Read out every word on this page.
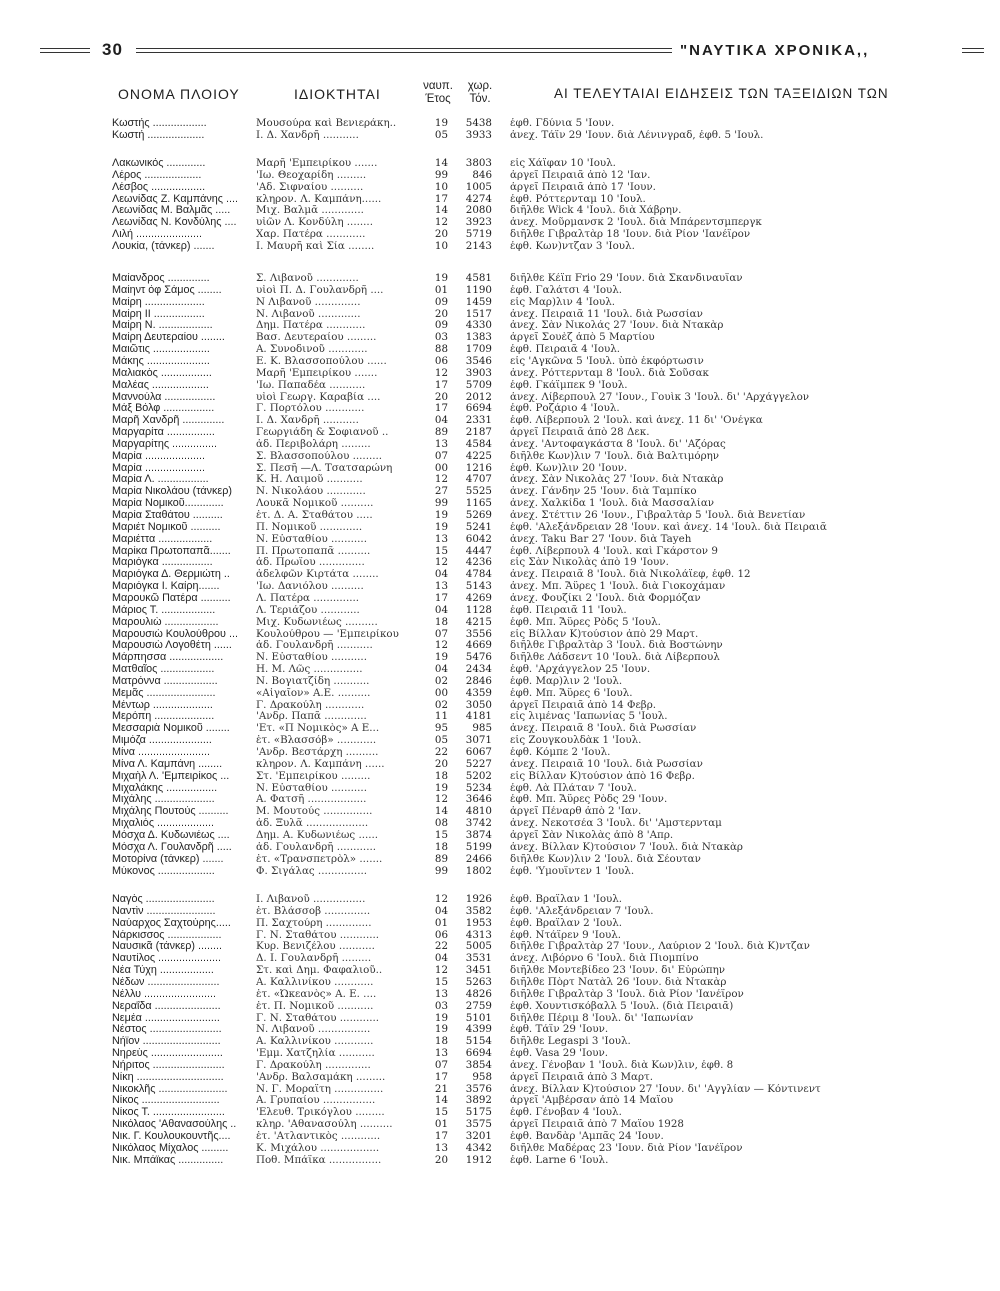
30	"ΝΑΥΤΙΚΑ ΧΡΟΝΙΚΑ,,
ΟΝΟΜΑ ΠΛΟΙΟΥ	ΙΔΙΟΚΤΗΤΑΙ	ναυπ.
Έτος
χωρ.
Τόν.	ΑΙ ΤΕΛΕΥΤΑΙΑΙ ΕΙΔΗΣΕΙΣ ΤΩΝ ΤΑΞΕΙΔΙΩΝ ΤΩΝ
Κωστής ..................	Μουσούρα καὶ Βενιεράκη..	19	5438 ἐφθ. Γδύνια 5 'Ιουν.
Κωστή ...................	Ι. Δ. Χανδρῆ ...........	05	3933 ἀνεχ. Τάϊν 29 'Ιουν. διὰ Λένινγραδ, ἐφθ. 5 'Ιουλ.
Λακωνικός .............	Μαρῆ 'Εμπειρίκου .......	14	3803 εἰς Χάϊφαν 10 'Ιουλ.
Λέρος ...................	'Ιω. Θεοχαρίδη .........	99	846 ἀργεῖ Πειραιᾶ ἀπὸ 12 'Ιαν.
Λέσβος ..................	'Αδ. Σιφναίου ..........	10	1005 ἀργεῖ Πειραιᾶ ἀπὸ 17 'Ιουν.
Λεωνίδας Ζ. Καμπάνης ....	κληρον. Λ. Καμπάνη......	17	4274 ἐφθ. Ρόττερνταμ 10 'Ιουλ.
Λεωνίδας Μ. Βαλμᾶς .....	Μιχ. Βαλμᾶ .............	14	2080 διῆλθε Wick 4 'Ιουλ. διὰ Χάβρην.
Λεωνίδας Ν. Κονδύλης ....	υἱῶν Λ. Κονδύλη ........	12	3923 ἀνεχ. Μοῦρμανσκ 2 'Ιουλ. διὰ Μπάρεντσμπεργκ
Λιλή ......................	Χαρ. Πατέρα ............	20	5719 διῆλθε Γιβραλτὰρ 18 'Ιουν. διὰ Ρίον 'Ιανέϊρον
Λουκία, (τάνκερ) .......	Ι. Μαυρῆ καὶ Σία ........	10	2143 ἐφθ. Κων)ντζαν 3 'Ιουλ.
Μαίανδρος ..............	Σ. Λιβανοῦ .............	19	4581 διῆλθε Κέϊπ Frio 29 'Ιουν. διὰ Σκανδιναυΐαν
Μαίηντ όφ Σάμος ........	υἱοὶ Π. Δ. Γουλανδρῆ ....	01	1190 ἐφθ. Γαλάτσι 4 'Ιουλ.
Μαίρη ....................	Ν Λιβανοῦ ..............	09	1459 εἰς Μαρ)λιν 4 'Ιουλ.
Μαίρη ΙΙ .................	Ν. Λιβανοῦ .............	20	1517 ἀνεχ. Πειραιᾶ 11 'Ιουλ. διὰ Ρωσσίαν
Μαίρη Ν. ..................	Δημ. Πατέρα ............	09	4330 ἀνεχ. Σὰν Νικολάς 27 'Ιουν. διὰ Ντακὰρ
Μαίρη Δευτεραίου ........	Βασ. Δευτεραίου .........	03	1383 ἀργεῖ Σουὲζ ἀπὸ 5 Μαρτίου
Μαιῶτις ...................	Α. Συνοδινοῦ ............	88	1709 ἐφθ. Πειραιᾶ 4 'Ιουλ.
Μάκης .....................	Ε. Κ. Βλασσοπούλου ......	06	3546 εἰς 'Αγκῶνα 5 'Ιουλ. ὑπὸ ἐκφόρτωσιν
Μαλιακὸς .................	Μαρῆ 'Εμπειρίκου .......	12	3903 ἀνεχ. Ρόττερνταμ 8 'Ιουλ. διὰ Σοῦσακ
Μαλέας ...................	'Ιω. Παπαδέα ...........	17	5709 ἐφθ. Γκάϊμπεκ 9 'Ιουλ.
Μαννούλα .................	υἱοὶ Γεωργ. Καραβία ....	20	2012 ἀνεχ. Λίβερπουλ 27 'Ιουν., Γουὶκ 3 'Ιουλ. δι' 'Αρχάγγελον
Μάξ Βόλφ .................	Γ. Πορτόλου ............	17	6694 ἐφθ. Ροζάριο 4 'Ιουλ.
Μαρῆ Χανδρῆ ..............	Ι. Δ. Χανδρῆ ...........	04	2331 ἐφθ. Λίβερπουλ 2 'Ιουλ. καὶ ἀνεχ. 11 δι' 'Ονέγκα
Μαργαρίτα ................	Γεωργιάδη & Σοφιανοῦ ..	89	2187 ἀργεῖ Πειραιᾶ ἀπὸ 28 Δεκ.
Μαργαρίτης ...............	ἀδ. Περιβολάρη .........	13	4584 ἀνεχ. 'Αντοφαγκάστα 8 'Ιουλ. δι' 'Αζόρας
Μαρία ....................	Σ. Βλασσοπούλου .........	07	4225 διῆλθε Κων)λιν 7 'Ιουλ. διὰ Βαλτιμόρην
Μαρία ....................	Σ. Πεσῆ —Λ. Τσατσαρώνη	00	1216 ἐφθ. Κων)λιν 20 'Ιουν.
Μαρία Λ. .................	Κ. Η. Λαιμοῦ ...........	12	4707 ἀνεχ. Σὰν Νικολὰς 27 'Ιουν. διὰ Ντακὰρ
Μαρία Νικολάου (τάνκερ)	Ν. Νικολάου ............	27	5525 ἀνεχ. Γάνδην 25 'Ιουν. διὰ Ταμπίκο
Μαρία Νομικοῦ.............	Λουκᾶ Νομικοῦ ..........	99	1165 ἀνεχ. Χαλκίδα 1 'Ιουλ. διὰ Μασσαλίαν
Μαρία Σταθάτου ..........	ἑτ. Δ. Α. Σταθάτου .....	19	5269 ἀνεχ. Στέττιν 26 'Ιουν., Γιβραλτὰρ 5 'Ιουλ. διὰ Βενετίαν
Μαριέτ Νομικοῦ ..........	Π. Νομικοῦ .............	19	5241 ἐφθ. 'Αλεξάνδρειαν 28 'Ιουν. καὶ ἀνεχ. 14 'Ιουλ. διὰ Πειραιᾶ
Μαριέττα ..................	Ν. Εὐσταθίου ...........	13	6042 ἀνεχ. Taku Bar 27 'Ιουν. διὰ Tayeh
Μαρίκα Πρωτοπαπᾶ.......	Π. Πρωτοπαπᾶ ..........	15	4447 ἐφθ. Λίβερπουλ 4 'Ιουλ. καὶ Γκάρστον 9
Μαριόγκα .................	ἀδ. Πρωΐου ..............	12	4236 εἰς Σὰν Νικολὰς ἀπὸ 19 'Ιουν.
Μαριόγκα Δ. Θερμιώτη ..	ἀδελφῶν Κιρτάτα ........	04	4784 ἀνεχ. Πειραιᾶ 8 'Ιουλ. διὰ Νικολάϊεφ, ἐφθ. 12
Μαριόγκα Ι. Καίρη.......	'Ιω. Δανιόλου ..........	13	5143 ἀνεχ. Μπ. Ἄϋρες 1 'Ιουλ. διὰ Γιοκοχάμαν
Μαρουκῶ Πατέρα ..........	Λ. Πατέρα ..............	17	4269 ἀνεχ. Φουζίκι 2 'Ιουλ. διὰ Φορμόζαν
Μάριος Τ. ..................	Λ. Τεριάζου ............	04	1128 ἐφθ. Πειραιᾶ 11 'Ιουλ.
Μαρουλιὼ ..................	Μιχ. Κυδωνιέως ..........	18	4215 ἐφθ. Μπ. Ἄϋρες Ρὸδς 5 'Ιουλ.
Μαρουσιὼ Κουλούθρου ...	Κουλούθρου — 'Εμπειρίκου	07	3556 εἰς Βίλλαν Κ)τούσιον ἀπὸ 29 Μαρτ.
Μαρουσιὼ Λογοθέτη ......	ἀδ. Γουλανδρῆ ...........	12	4669 διῆλθε Γιβραλτὰρ 3 'Ιουλ. διὰ Βοστώνην
Μάρπησσα ..................	Ν. Εὐσταθίου ...........	19	5476 διῆλθε Λάδσεντ 10 'Ιουλ. διὰ Λίβερπουλ
Ματθαῖος ..................	Η. Μ. Λῶς ...............	04	2434 ἐφθ. 'Αρχάγγελον 25 'Ιουν.
Ματρόννα ..................	Ν. Βογιατζίδη ...........	02	2846 ἐφθ. Μαρ)λιν 2 'Ιουλ.
Μεμᾶς .......................	«Αἰγαῖον» Α.Ε. ..........	00	4359 ἐφθ. Μπ. Ἄϋρες 6 'Ιουλ.
Μέντωρ ....................	Γ. Δρακούλη ............	02	3050 ἀργεῖ Πειραιᾶ ἀπὸ 14 Φεβρ.
Μερόπη ....................	'Ανδρ. Παπᾶ .............	11	4181 εἰς λιμένας 'Ιαπωνίας 5 'Ιουλ.
Μεσσαριὰ Νομικοῦ ........	'Ετ. «Π Νομικὸς» Α Ε...	95	985 ἀνεχ. Πειραιᾶ 8 'Ιουλ. διὰ Ρωσσίαν
Μιμόζα .....................	ἑτ. «Βλασσόβ» ............	05	3071 εἰς Ζουγκουλδὰκ 1 'Ιουλ.
Μίνα ........................	'Ανδρ. Βεστάρχη ..........	22	6067 ἐφθ. Κόμπε 2 'Ιουλ.
Μίνα Λ. Καμπάνη ........	κληρον. Λ. Καμπάνη ......	20	5227 ἀνεχ. Πειραιᾶ 10 'Ιουλ. διὰ Ρωσσίαν
Μιχαὴλ Λ. 'Εμπειρίκος ...	Στ. 'Εμπειρίκου .........	18	5202 εἰς Βίλλαν Κ)τούσιον ἀπὸ 16 Φεβρ.
Μιχαλάκης .................	Ν. Εὐσταθίου ...........	19	5234 ἐφθ. Λὰ Πλάταν 7 'Ιουλ.
Μιχάλης ....................	Α. Φατσῆ ..................	12	3646 ἐφθ. Μπ. Ἄϋρες Ρὸδς 29 'Ιουν.
Μιχάλης Πουτούς ..........	Μ. Μουτούς ...............	14	4810 ἀργεῖ Πέναρθ ἀπὸ 2 'Ιαν.
Μιχαλιός ...................	ἀδ. Ξυλᾶ ...................	08	3742 ἀνεχ. Νεκοτσέα 3 'Ιουλ. δι' 'Αμστερνταμ
Μόσχα Δ. Κυδωνιέως ....	Δημ. Α. Κυδωνιέως ......	15	3874 ἀργεῖ Σὰν Νικολὰς ἀπὸ 8 'Απρ.
Μόσχα Λ. Γουλανδρῆ .....	ἀδ. Γουλανδρῆ ............	18	5199 ἀνεχ. Βίλλαν Κ)τούσιον 7 'Ιουλ. διὰ Ντακὰρ
Μοτορίνα (τάνκερ) .......	ἑτ. «Τρανσπετρὸλ» .......	89	2466 διῆλθε Κων)λιν 2 'Ιουλ. διὰ Σέουταν
Μύκονος ...................	Φ. Σιγάλας ...............	99	1802 ἐφθ. 'Υμουϊντεν 1 'Ιουλ.
Ναγὸς .......................	Ι. Λιβανοῦ ................	12	1926 ἐφθ. Βραΐλαν 1 'Ιουλ.
Ναντὶν .......................	ἑτ. Βλάσσοβ ..............	04	3582 ἐφθ. 'Αλεξάνδρειαν 7 'Ιουλ.
Ναύαρχος Σαχτούρης.....	Π. Σαχτούρη ..............	01	1953 ἐφθ. Βραΐλαν 2 'Ιουλ.
Νάρκισσος ..................	Γ. Ν. Σταθάτου ............	06	4313 ἐφθ. Ντάϊρεν 9 'Ιουλ.
Ναυσικᾶ (τάνκερ) ........	Κυρ. Βενιζέλου ...........	22	5005 διῆλθε Γιβραλτὰρ 27 'Ιουν., Λαύριον 2 'Ιουλ. διὰ Κ)ντζαν
Ναυτίλος .....................	Δ. Ι. Γουλανδρῆ .........	04	3531 ἀνεχ. Λιβόρνο 6 'Ιουλ. διὰ Πιομπίνο
Νέα Τύχη ..................	Στ. καὶ Δημ. Φαφαλιοῦ..	12	3451 διῆλθε Μοντεβίδεο 23 'Ιουν. δι' Εὐρώπην
Νέδων ........................	Α. Καλλινίκου ............	15	5263 διῆλθε Πὸρτ Νατὰλ 26 'Ιουν. διὰ Ντακὰρ
Νέλλυ ........................	ἑτ. «Ὠκεανὸς» Α. Ε. ....	13	4826 διῆλθε Γιβραλτὰρ 3 'Ιουλ. διὰ Ρίον 'Ιανέϊρον
Νεραΐδα ......................	ἑτ. Π. Νομικοῦ ...........	03	2759 ἐφθ. Χουντισκόβαλλ 5 'Ιουλ. (διὰ Πειραιᾶ)
Νεμέα .........................	Γ. Ν. Σταθάτου ............	19	5101 διῆλθε Πέριμ 8 'Ιουλ. δι' 'Ιαπωνίαν
Νέστος ........................	Ν. Λιβανοῦ ................	19	4399 ἐφθ. Τάϊν 29 'Ιουν.
Νήϊον ..........................	Α. Καλλινίκου ............	18	5154 διῆλθε Legaspi 3 'Ιουλ.
Νηρεὺς ........................	'Εμμ. Χατζηλία ...........	13	6694 ἐφθ. Vasa 29 'Ιουν.
Νήριτος ........................	Γ. Δρακούλη ..............	07	3854 ἀνεχ. Γένοβαν 1 'Ιουλ. διὰ Κων)λιν, ἐφθ. 8
Νίκη .............................	'Ανδρ. Βαλσαμάκη .........	17	958 ἀργεῖ Πειραιᾶ ἀπὸ 3 Μαρτ.
Νικοκλῆς .......................	Ν. Γ. Μοραΐτη ...............	21	3576 ἀνεχ. Βίλλαν Κ)τούσιον 27 'Ιουν. δι' 'Αγγλίαν — Κόντινεντ
Νίκος ..........................	Α. Γρυπαίου ................	14	3892 ἀργεῖ 'Αμβέρσαν ἀπὸ 14 Μαΐου
Νίκος Τ. ........................	'Ελευθ. Τρικόγλου .........	15	5175 ἐφθ. Γένοβαν 4 'Ιουλ.
Νικόλαος 'Αθανασούλης ..	κληρ. 'Αθανασούλη ..........	01	3575 ἀργεῖ Πειραιᾶ ἀπὸ 7 Μαΐου 1928
Νικ. Γ. Κουλουκουντῆς....	ἑτ. 'Ατλαντικὸς ............	17	3201 ἐφθ. Βανδὰρ 'Αμπᾶς 24 'Ιουν.
Νικόλαος Μίχαλος .........	Κ. Μιχάλου ..................	13	4342 διῆλθε Μαδέρας 23 'Ιουν. διὰ Ρίον 'Ιανέϊρον
Νικ. Μπάϊκας ...............	Ποθ. Μπάϊκα ................	20	1912 ἐφθ. Larne 6 'Ιουλ.
